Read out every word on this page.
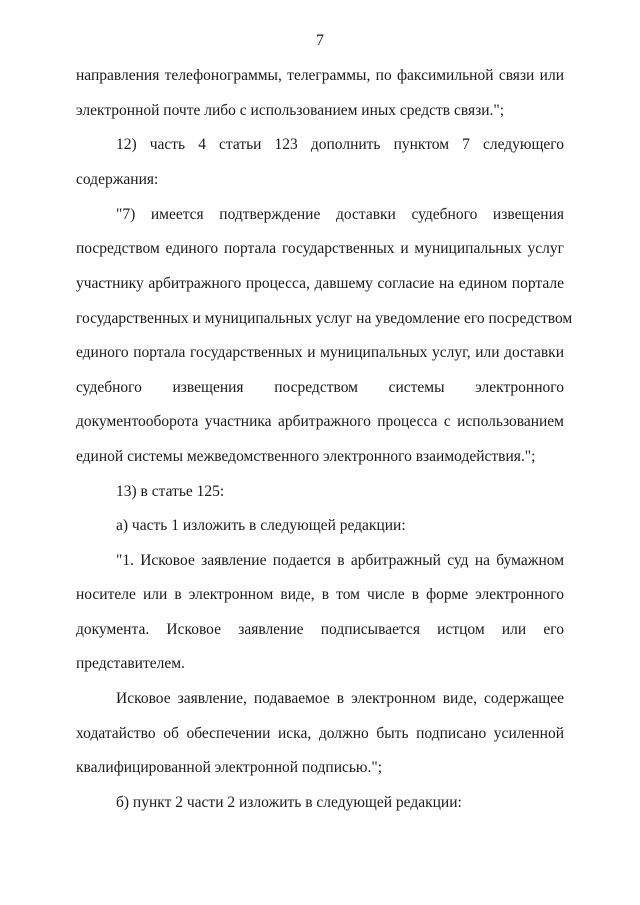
7
направления телефонограммы, телеграммы, по факсимильной связи или
электронной почте либо с использованием иных средств связи.";
12) часть 4 статьи 123 дополнить пунктом 7 следующего
содержания:
"7) имеется подтверждение доставки судебного извещения
посредством единого портала государственных и муниципальных услуг
участнику арбитражного процесса, давшему согласие на едином портале
государственных и муниципальных услуг на уведомление его посредством
единого портала государственных и муниципальных услуг, или доставки
судебного извещения посредством системы электронного
документооборота участника арбитражного процесса с использованием
единой системы межведомственного электронного взаимодействия.";
13) в статье 125:
а) часть 1 изложить в следующей редакции:
"1. Исковое заявление подается в арбитражный суд на бумажном
носителе или в электронном виде, в том числе в форме электронного
документа. Исковое заявление подписывается истцом или его
представителем.
Исковое заявление, подаваемое в электронном виде, содержащее
ходатайство об обеспечении иска, должно быть подписано усиленной
квалифицированной электронной подписью.";
б) пункт 2 части 2 изложить в следующей редакции:
